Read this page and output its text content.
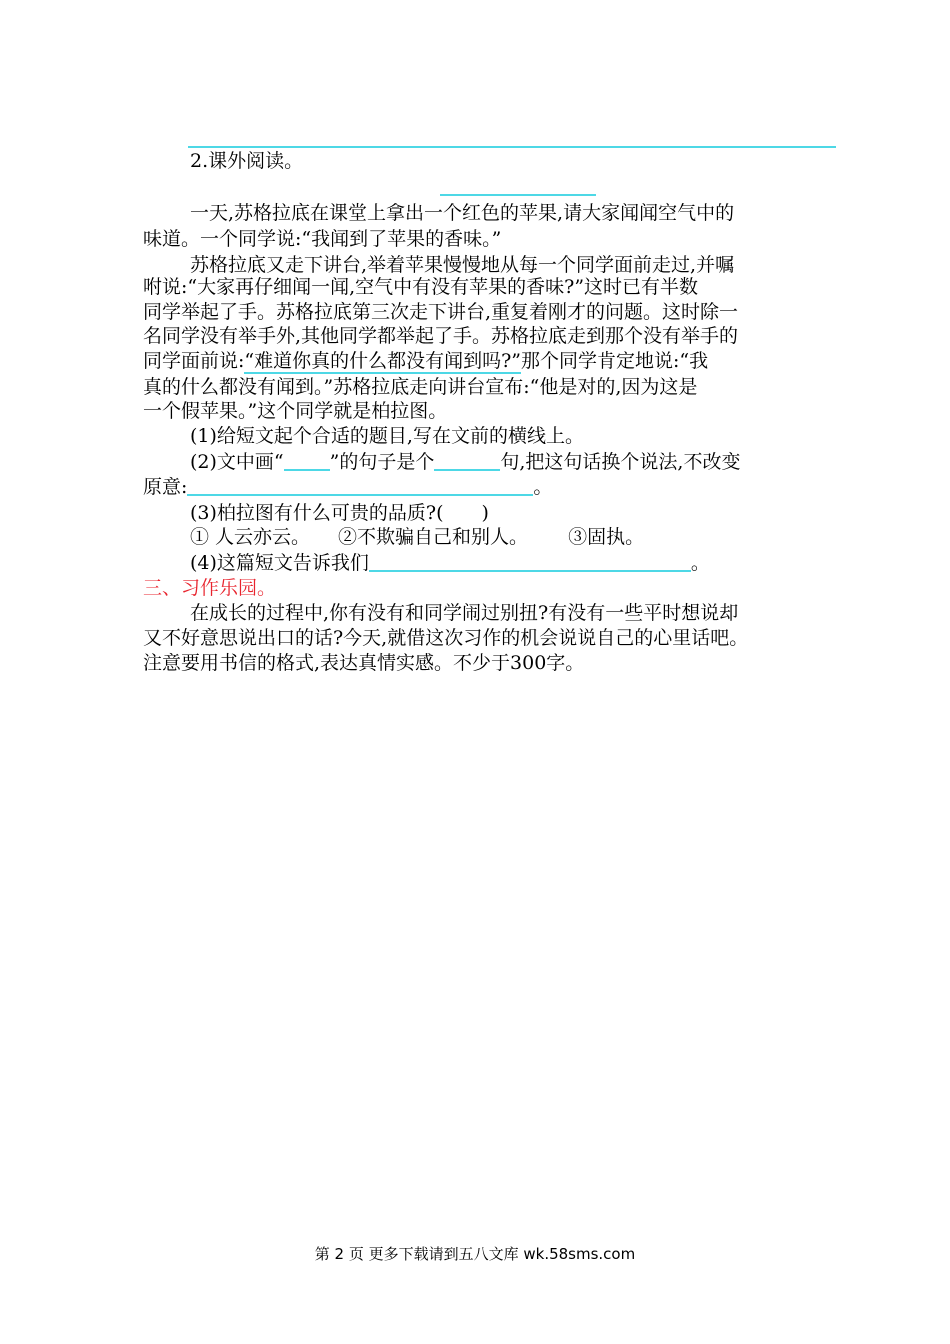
2.课外阅读。
一天,苏格拉底在课堂上拿出一个红色的苹果,请大家闻闻空气中的
味道。一个同学说:“我闻到了苹果的香味。”
苏格拉底又走下讲台,举着苹果慢慢地从每一个同学面前走过,并嘱
咐说:“大家再仔细闻一闻,空气中有没有苹果的香味?”这时已有半数
同学举起了手。苏格拉底第三次走下讲台,重复着刚才的问题。这时除一
名同学没有举手外,其他同学都举起了手。苏格拉底走到那个没有举手的
同学面前说:“难道你真的什么都没有闻到吗?”那个同学肯定地说:“我
真的什么都没有闻到。”苏格拉底走向讲台宣布:“他是对的,因为这是
一个假苹果。”这个同学就是柏拉图。
(1)给短文起个合适的题目,写在文前的横线上。
(2)文中画“ ”的句子是个	句,把这句话换个说法,不改变
原意:	。
(3)柏拉图有什么可贵的品质?(　　)
① 人云亦云。 ②不欺骗自己和别人。 ③固执。
(4)这篇短文告诉我们	。
三、习作乐园。
在成长的过程中,你有没有和同学闹过别扭?有没有一些平时想说却
又不好意思说出口的话?今天,就借这次习作的机会说说自己的心里话吧。
注意要用书信的格式,表达真情实感。不少于300字。
第 2 页 更多下载请到五八文库 wk.58sms.com
